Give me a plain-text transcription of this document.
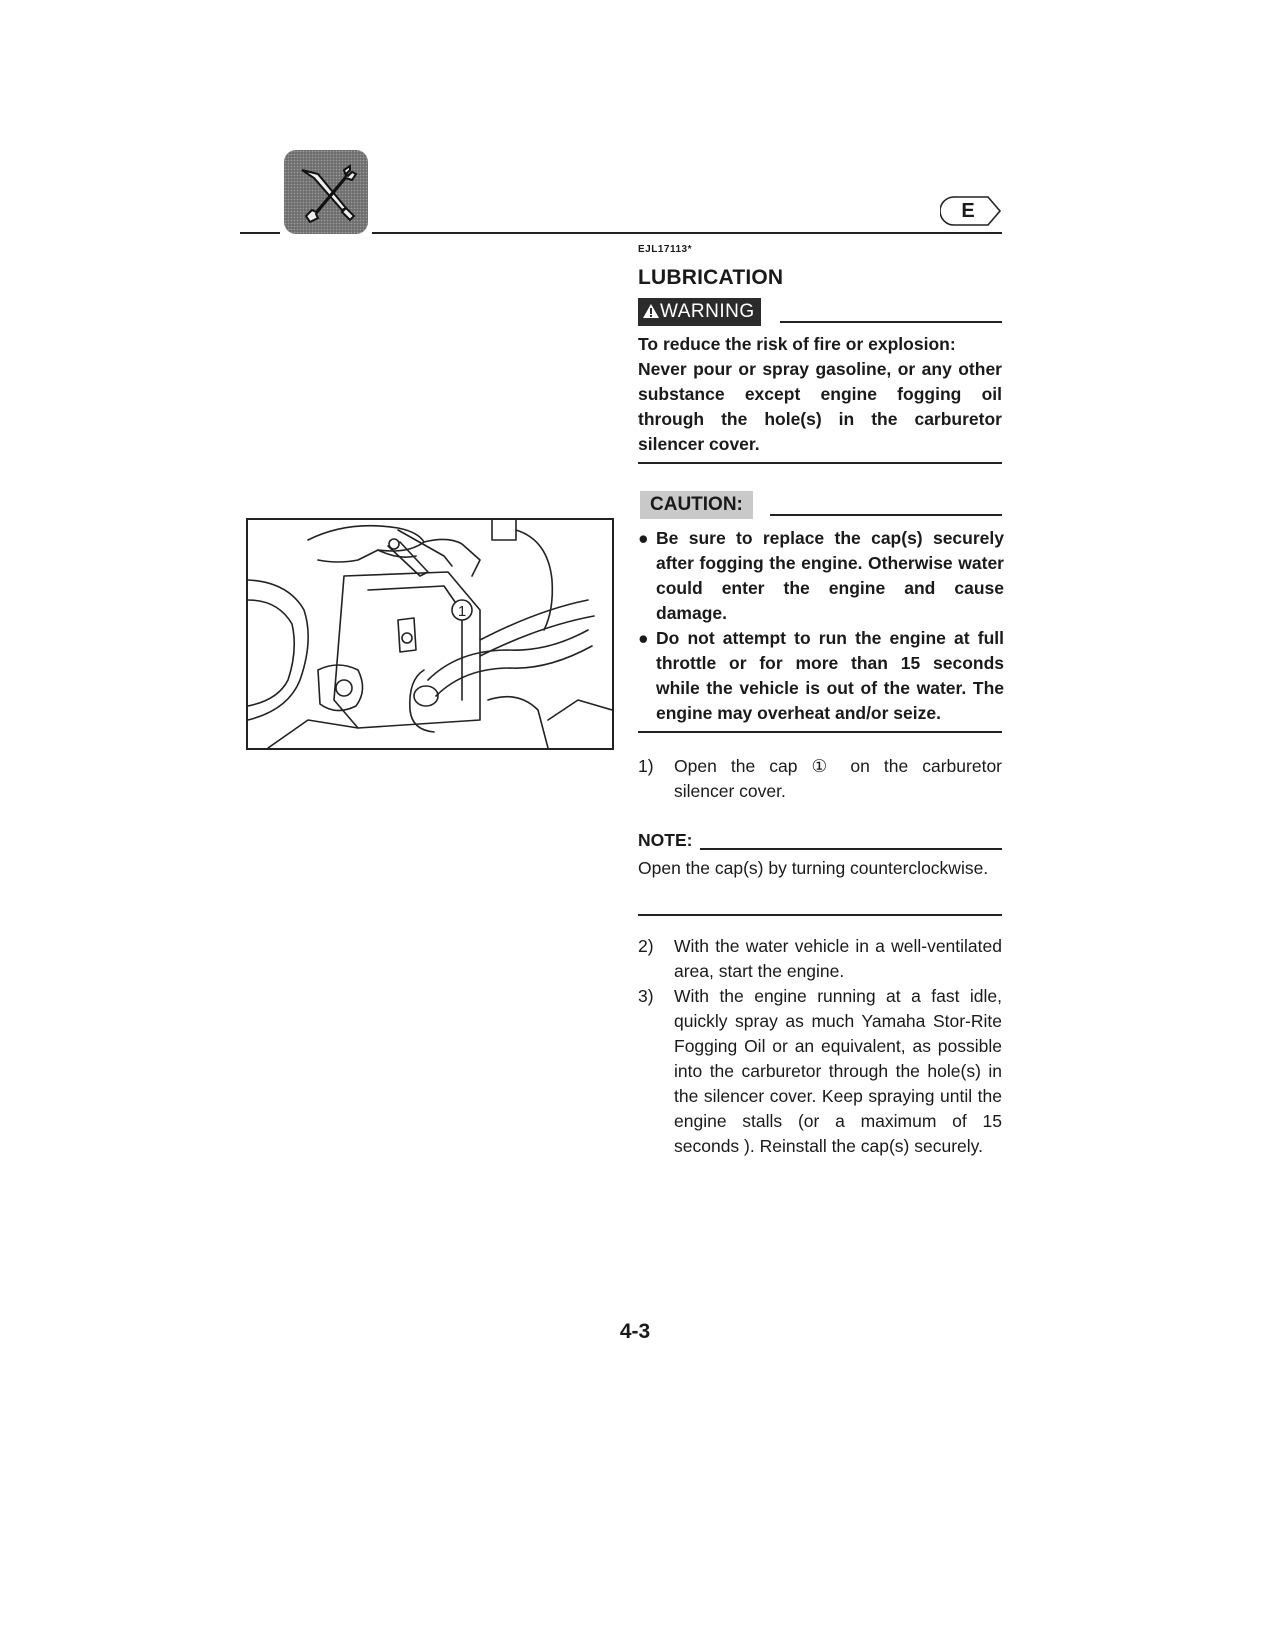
E
EJL17113*
LUBRICATION
WARNING
To reduce the risk of fire or explosion:
Never pour or spray gasoline, or any other substance except engine fogging oil through the hole(s) in the carburetor silencer cover.
1
CAUTION:
● Be sure to replace the cap(s) securely after fogging the engine. Otherwise water could enter the engine and cause damage.
● Do not attempt to run the engine at full throttle or for more than 15 seconds while the vehicle is out of the water. The engine may overheat and/or seize.
1) Open the cap ① on the carburetor silencer cover.
NOTE:
Open the cap(s) by turning counterclockwise.
2) With the water vehicle in a well-ventilated area, start the engine.
3) With the engine running at a fast idle, quickly spray as much Yamaha Stor-Rite Fogging Oil or an equivalent, as possible into the carburetor through the hole(s) in the silencer cover. Keep spraying until the engine stalls (or a maximum of 15 seconds ). Reinstall the cap(s) securely.
4-3
